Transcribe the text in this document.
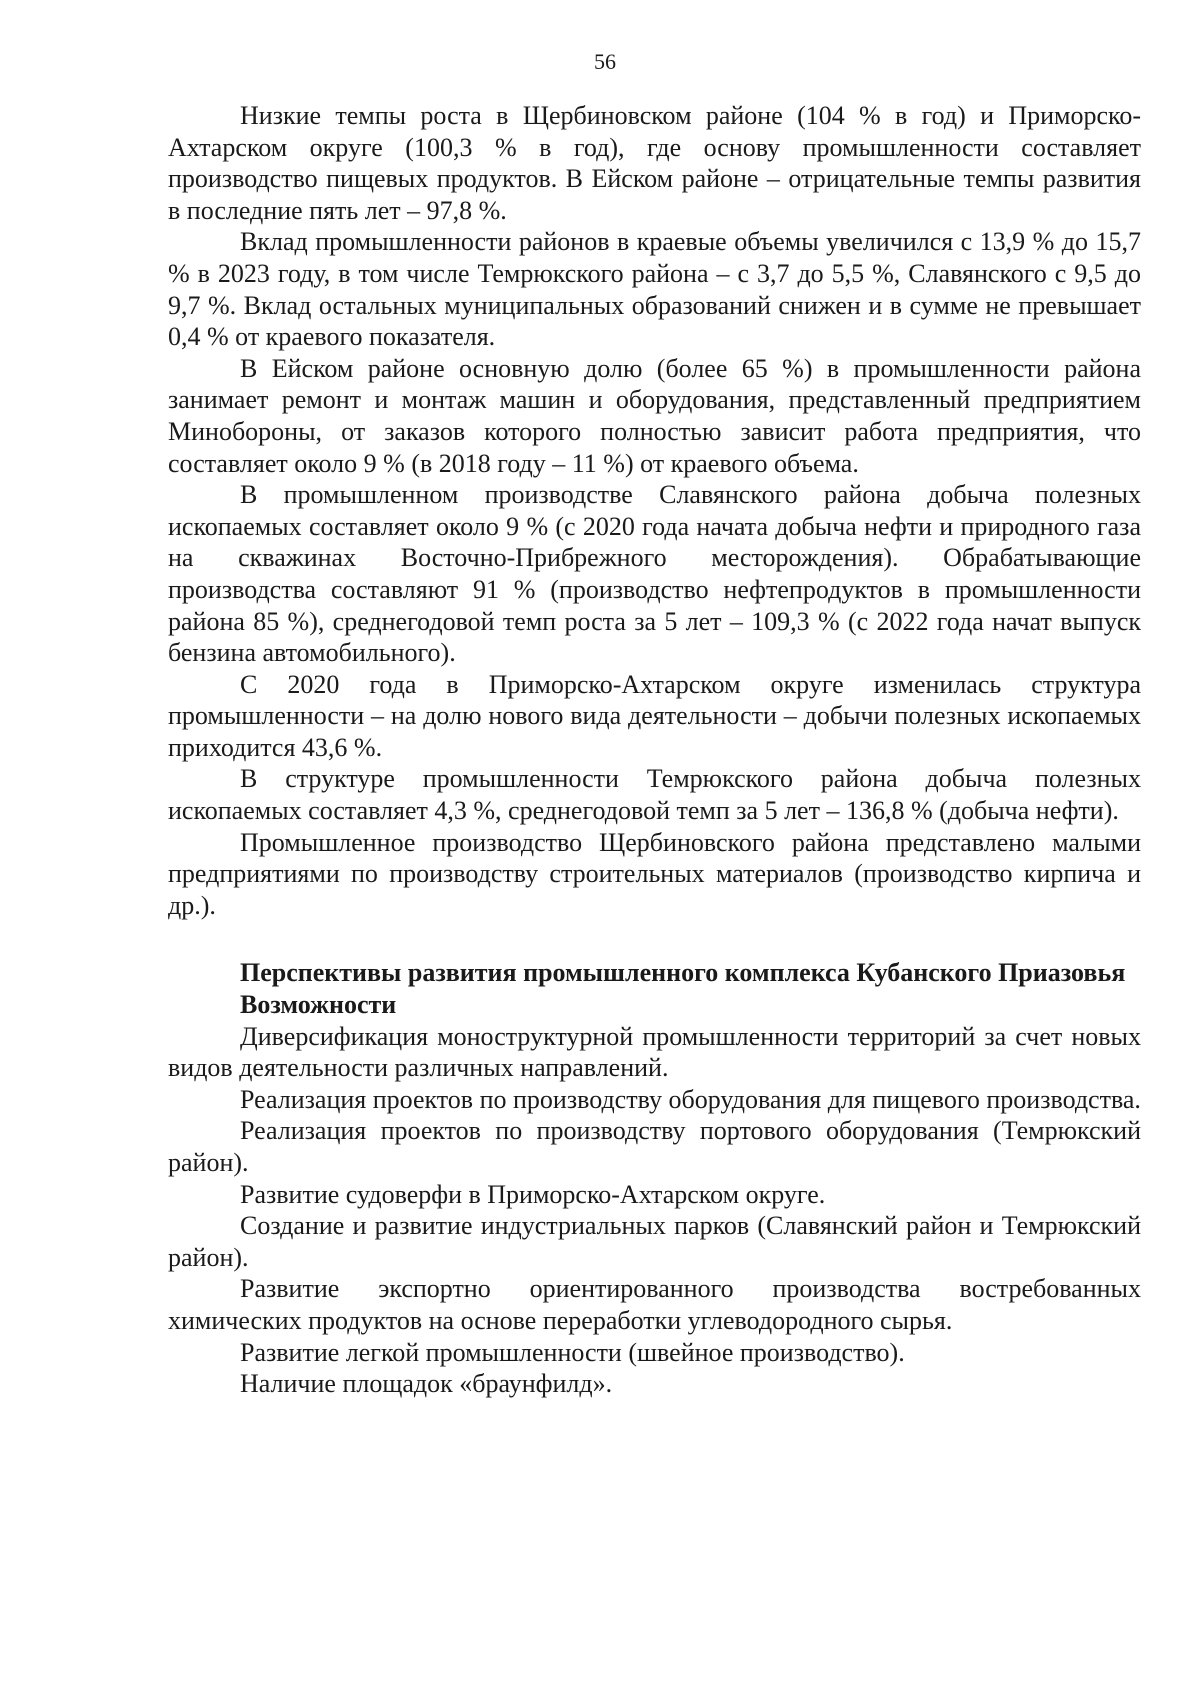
56

Низкие темпы роста в Щербиновском районе (104 % в год) и Приморско-Ахтарском округе (100,3 % в год), где основу промышленности составляет производство пищевых продуктов. В Ейском районе – отрицательные темпы развития в последние пять лет – 97,8 %.

Вклад промышленности районов в краевые объемы увеличился с 13,9 % до 15,7 % в 2023 году, в том числе Темрюкского района – с 3,7 до 5,5 %, Славянского с 9,5 до 9,7 %. Вклад остальных муниципальных образований снижен и в сумме не превышает 0,4 % от краевого показателя.

В Ейском районе основную долю (более 65 %) в промышленности района занимает ремонт и монтаж машин и оборудования, представленный предприятием Минобороны, от заказов которого полностью зависит работа предприятия, что составляет около 9 % (в 2018 году – 11 %) от краевого объема.

В промышленном производстве Славянского района добыча полезных ископаемых составляет около 9 % (с 2020 года начата добыча нефти и природного газа на скважинах Восточно-Прибрежного месторождения). Обрабатывающие производства составляют 91 % (производство нефтепродуктов в промышленности района 85 %), среднегодовой темп роста за 5 лет – 109,3 % (с 2022 года начат выпуск бензина автомобильного).

С 2020 года в Приморско-Ахтарском округе изменилась структура промышленности – на долю нового вида деятельности – добычи полезных ископаемых приходится 43,6 %.

В структуре промышленности Темрюкского района добыча полезных ископаемых составляет 4,3 %, среднегодовой темп за 5 лет – 136,8 % (добыча нефти).

Промышленное производство Щербиновского района представлено малыми предприятиями по производству строительных материалов (производство кирпича и др.).

Перспективы развития промышленного комплекса Кубанского Приазовья

Возможности

Диверсификация моноструктурной промышленности территорий за счет новых видов деятельности различных направлений.

Реализация проектов по производству оборудования для пищевого производства.

Реализация проектов по производству портового оборудования (Темрюкский район).

Развитие судоверфи в Приморско-Ахтарском округе.

Создание и развитие индустриальных парков (Славянский район и Темрюкский район).

Развитие экспортно ориентированного производства востребованных химических продуктов на основе переработки углеводородного сырья.

Развитие легкой промышленности (швейное производство).

Наличие площадок «браунфилд».
